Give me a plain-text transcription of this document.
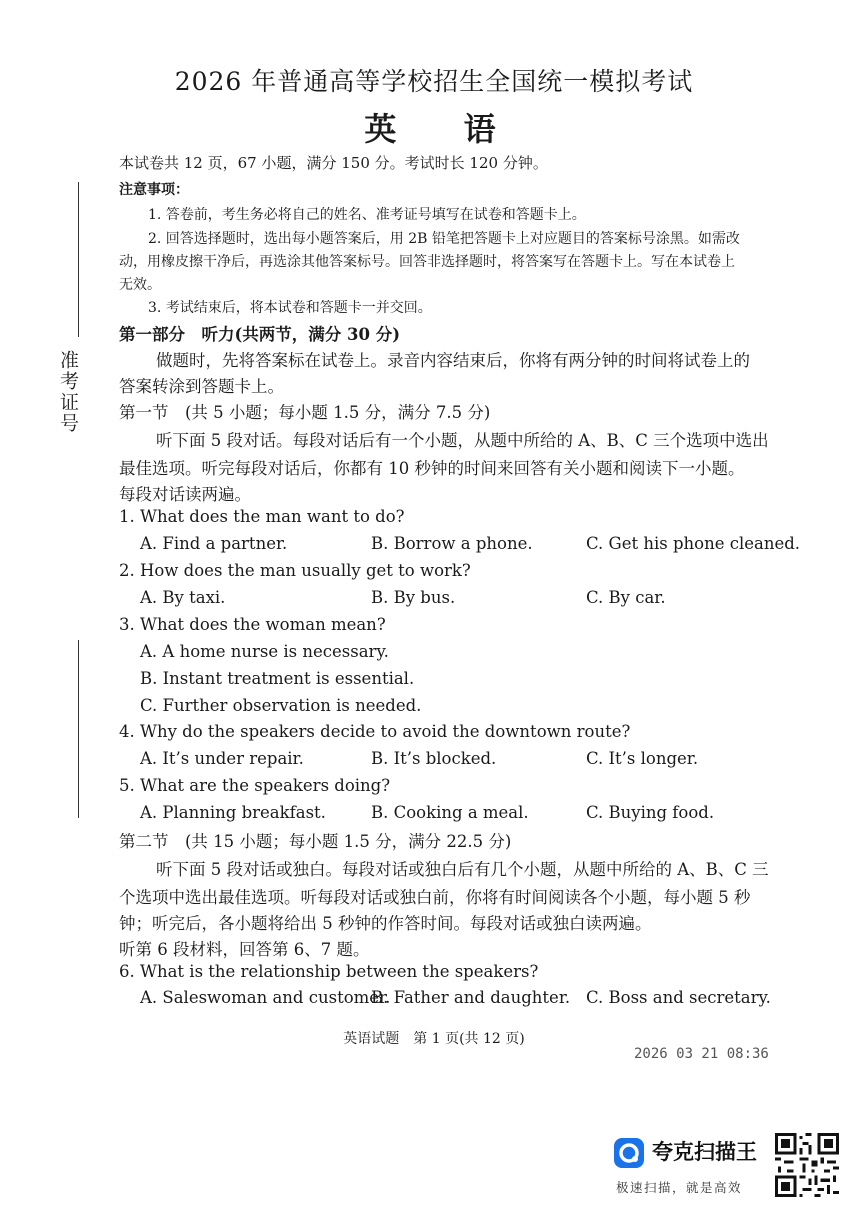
2026 年普通高等学校招生全国统一模拟考试
英 语
本试卷共 12 页，67 小题，满分 150 分。考试时长 120 分钟。
注意事项：
1. 答卷前，考生务必将自己的姓名、准考证号填写在试卷和答题卡上。
2. 回答选择题时，选出每小题答案后，用 2B 铅笔把答题卡上对应题目的答案标号涂黑。如需改
动，用橡皮擦干净后，再选涂其他答案标号。回答非选择题时，将答案写在答题卡上。写在本试卷上
无效。
3. 考试结束后，将本试卷和答题卡一并交回。
准考证号
第一部分　听力(共两节，满分 30 分)
做题时，先将答案标在试卷上。录音内容结束后，你将有两分钟的时间将试卷上的
答案转涂到答题卡上。
第一节　(共 5 小题；每小题 1.5 分，满分 7.5 分)
听下面 5 段对话。每段对话后有一个小题，从题中所给的 A、B、C 三个选项中选出
最佳选项。听完每段对话后，你都有 10 秒钟的时间来回答有关小题和阅读下一小题。
每段对话读两遍。
1. What does the man want to do?
A. Find a partner.	B. Borrow a phone.	C. Get his phone cleaned.
2. How does the man usually get to work?
A. By taxi.	B. By bus.	C. By car.
3. What does the woman mean?
A. A home nurse is necessary.
B. Instant treatment is essential.
C. Further observation is needed.
4. Why do the speakers decide to avoid the downtown route?
A. It’s under repair.	B. It’s blocked.	C. It’s longer.
5. What are the speakers doing?
A. Planning breakfast.	B. Cooking a meal.	C. Buying food.
第二节　(共 15 小题；每小题 1.5 分，满分 22.5 分)
听下面 5 段对话或独白。每段对话或独白后有几个小题，从题中所给的 A、B、C 三
个选项中选出最佳选项。听每段对话或独白前，你将有时间阅读各个小题，每小题 5 秒
钟；听完后，各小题将给出 5 秒钟的作答时间。每段对话或独白读两遍。
听第 6 段材料，回答第 6、7 题。
6. What is the relationship between the speakers?
A. Saleswoman and customer.
B. Father and daughter. C. Boss and secretary.
英语试题　第 1 页(共 12 页)
2026 03 21 08:36
夸克扫描王
极速扫描，就是高效
